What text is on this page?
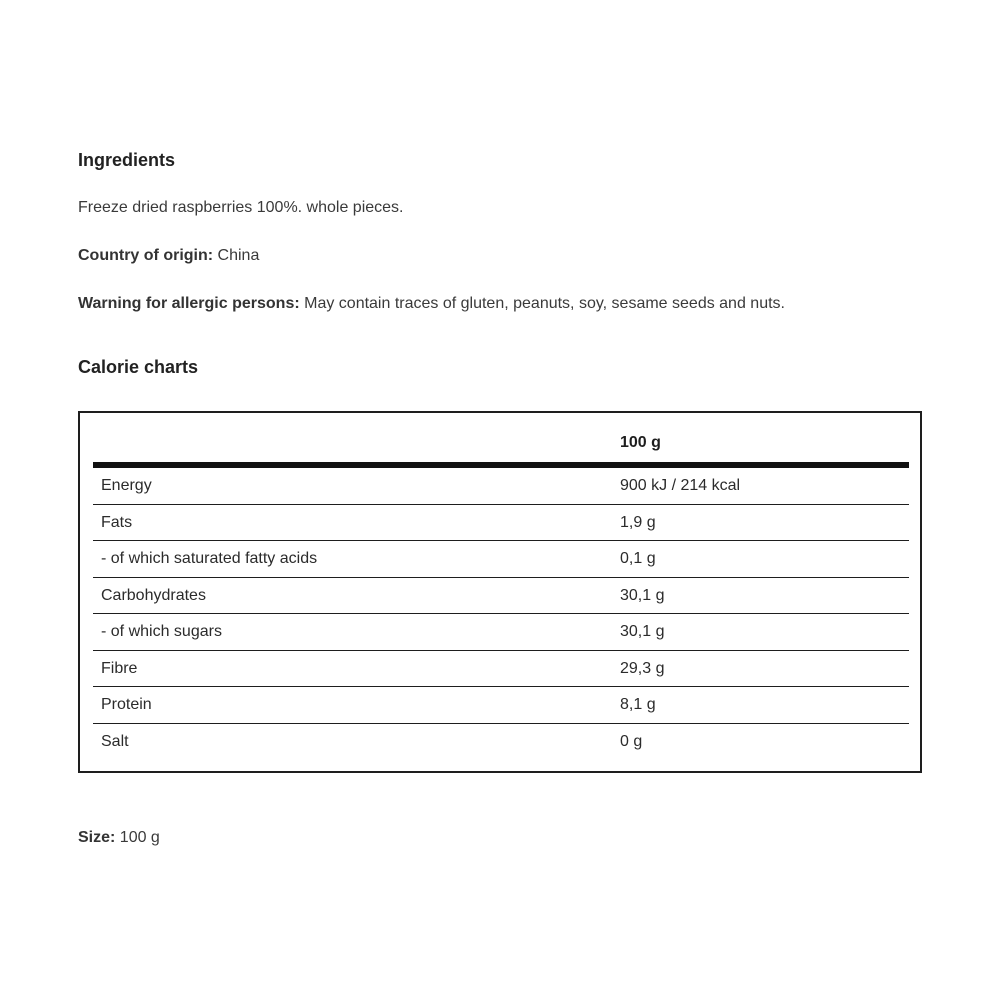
Ingredients

Freeze dried raspberries 100%. whole pieces.

Country of origin: China

Warning for allergic persons: May contain traces of gluten, peanuts, soy, sesame seeds and nuts.

Calorie charts
100 g
Energy	900 kJ / 214 kcal
Fats	1,9 g
- of which saturated fatty acids	0,1 g
Carbohydrates	30,1 g
- of which sugars	30,1 g
Fibre	29,3 g
Protein	8,1 g
Salt	0 g

Size: 100 g
